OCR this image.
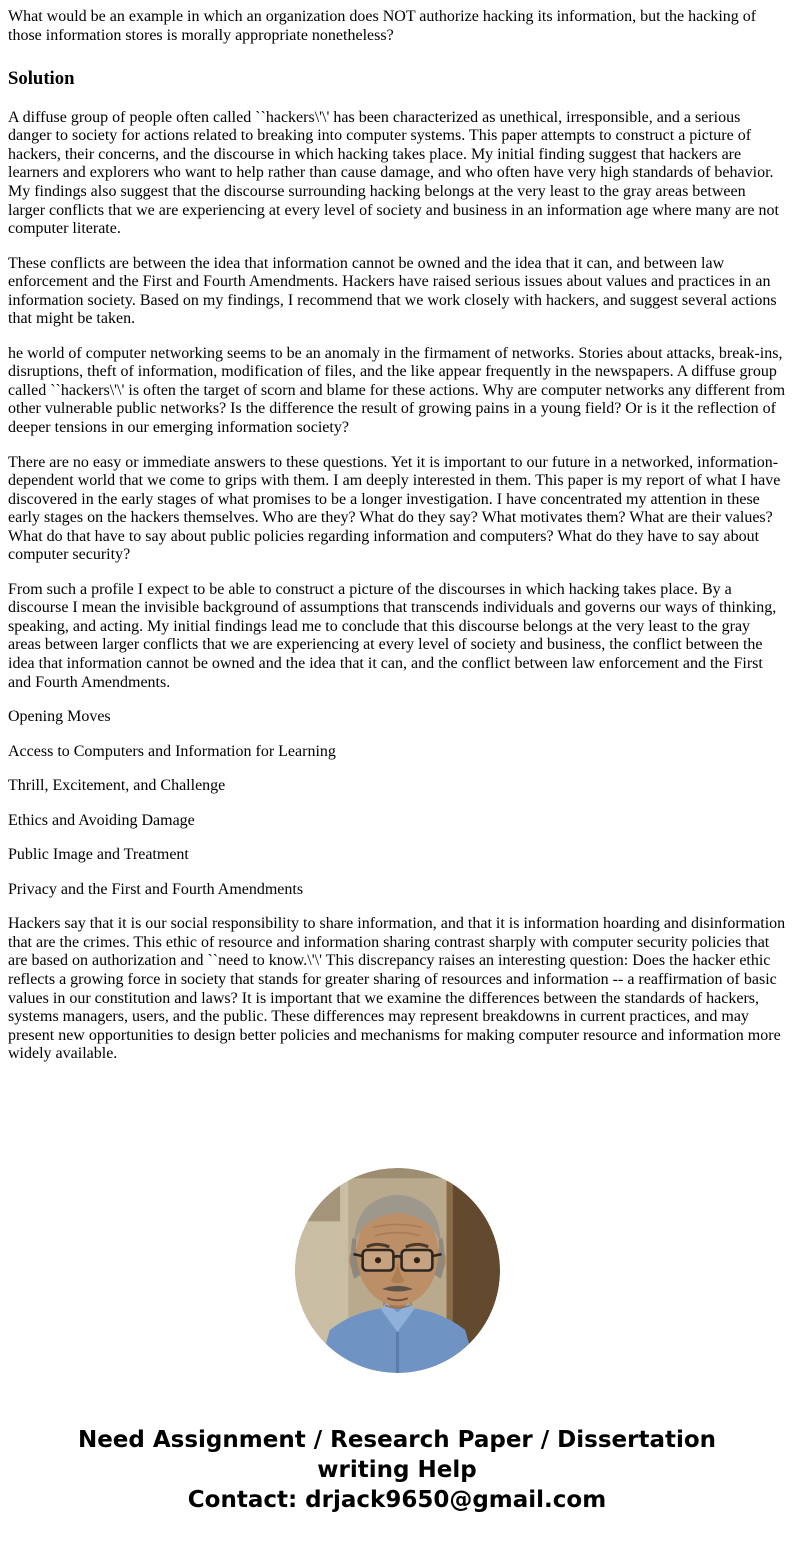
What would be an example in which an organization does NOT authorize hacking its information, but the hacking of those information stores is morally appropriate nonetheless?

Solution

A diffuse group of people often called ``hackers\'\' has been characterized as unethical, irresponsible, and a serious danger to society for actions related to breaking into computer systems. This paper attempts to construct a picture of hackers, their concerns, and the discourse in which hacking takes place. My initial finding suggest that hackers are learners and explorers who want to help rather than cause damage, and who often have very high standards of behavior. My findings also suggest that the discourse surrounding hacking belongs at the very least to the gray areas between larger conflicts that we are experiencing at every level of society and business in an information age where many are not computer literate.

These conflicts are between the idea that information cannot be owned and the idea that it can, and between law enforcement and the First and Fourth Amendments. Hackers have raised serious issues about values and practices in an information society. Based on my findings, I recommend that we work closely with hackers, and suggest several actions that might be taken.

he world of computer networking seems to be an anomaly in the firmament of networks. Stories about attacks, break-ins, disruptions, theft of information, modification of files, and the like appear frequently in the newspapers. A diffuse group called ``hackers\'\' is often the target of scorn and blame for these actions. Why are computer networks any different from other vulnerable public networks? Is the difference the result of growing pains in a young field? Or is it the reflection of deeper tensions in our emerging information society?

There are no easy or immediate answers to these questions. Yet it is important to our future in a networked, information-dependent world that we come to grips with them. I am deeply interested in them. This paper is my report of what I have discovered in the early stages of what promises to be a longer investigation. I have concentrated my attention in these early stages on the hackers themselves. Who are they? What do they say? What motivates them? What are their values? What do that have to say about public policies regarding information and computers? What do they have to say about computer security?

From such a profile I expect to be able to construct a picture of the discourses in which hacking takes place. By a discourse I mean the invisible background of assumptions that transcends individuals and governs our ways of thinking, speaking, and acting. My initial findings lead me to conclude that this discourse belongs at the very least to the gray areas between larger conflicts that we are experiencing at every level of society and business, the conflict between the idea that information cannot be owned and the idea that it can, and the conflict between law enforcement and the First and Fourth Amendments.

Opening Moves

Access to Computers and Information for Learning

Thrill, Excitement, and Challenge

Ethics and Avoiding Damage

Public Image and Treatment

Privacy and the First and Fourth Amendments

Hackers say that it is our social responsibility to share information, and that it is information hoarding and disinformation that are the crimes. This ethic of resource and information sharing contrast sharply with computer security policies that are based on authorization and ``need to know.\'\' This discrepancy raises an interesting question: Does the hacker ethic reflects a growing force in society that stands for greater sharing of resources and information -- a reaffirmation of basic values in our constitution and laws? It is important that we examine the differences between the standards of hackers, systems managers, users, and the public. These differences may represent breakdowns in current practices, and may present new opportunities to design better policies and mechanisms for making computer resource and information more widely available.

Need Assignment / Research Paper / Dissertation
writing Help
Contact: drjack9650@gmail.com
